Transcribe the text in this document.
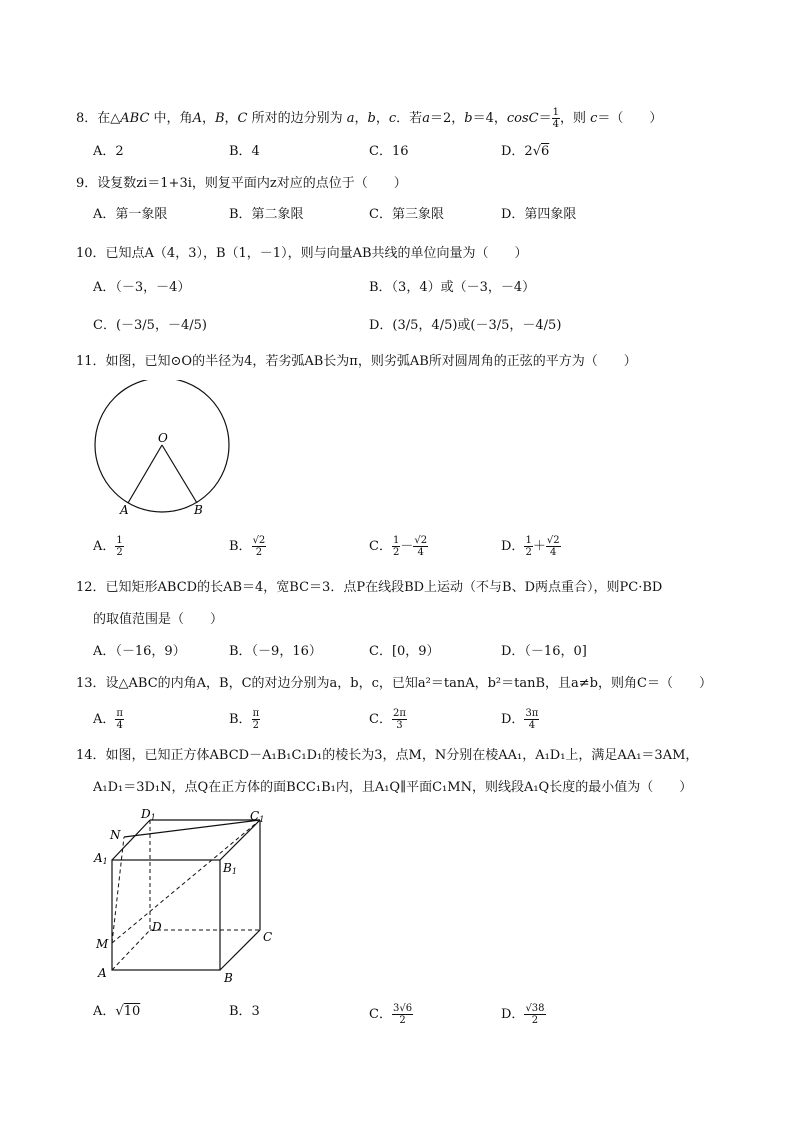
8．在△ABC 中，角A，B，C 所对的边分别为 a，b，c．若a＝2，b＝4，$\cos C= \frac{1}{4}$ ，则 c＝（　　）
A．2	B．4	C．16	D．2√6
9．设复数zi＝1+3i，则复平面内z对应的点位于（　　）
A．第一象限	B．第二象限	C．第三象限	D．第四象限
10．已知点A（4，3），B（1，－1），则与向量AB共线的单位向量为（　　）
A．（－3，－4）	B．（3，4）或（－3，－4）
C．(－3/5，－4/5)	D．(3/5，4/5)或(－3/5，－4/5)
11．如图，已知⊙O的半径为4，若劣弧AB长为π，则劣弧AB所对圆周角的正弦的平方为（　　）
O
A	B
A． $\frac{1}{2}$	B． $\frac{√2}{2}$	C． $\frac{1}{2} - \frac{√2}{4}$	D． $\frac{1}{2} + \frac{√2}{4}$
12．已知矩形ABCD的长AB＝4，宽BC＝3．点P在线段BD上运动（不与B、D两点重合），则PC·BD
的取值范围是（　　）
A．（－16，9）	B．（－9，16）	C．[0，9）	D．（－16，0]
13．设△ABC的内角A，B，C的对边分别为a，b，c，已知a²＝tanA，b²＝tanB，且a≠b，则角C＝（　　）
A． $\frac{\pi}{4}$	B． $\frac{\pi}{2}$	C． $\frac{2\pi}{3}$	D． $\frac{3\pi}{4}$
14．如图，已知正方体ABCD－A₁B₁C₁D₁的棱长为3，点M，N分别在棱AA₁，A₁D₁上，满足AA₁＝3AM，
A₁D₁＝3D₁N，点Q在正方体的面BCC₁B₁内，且A₁Q∥平面C₁MN，则线段A₁Q长度的最小值为（　　）
D1	C1
N
A1	B1
D
C
M
A	B
A．√10	B．3	C． $\frac{3√6}{2}$	D． $\frac{√38}{2}$
